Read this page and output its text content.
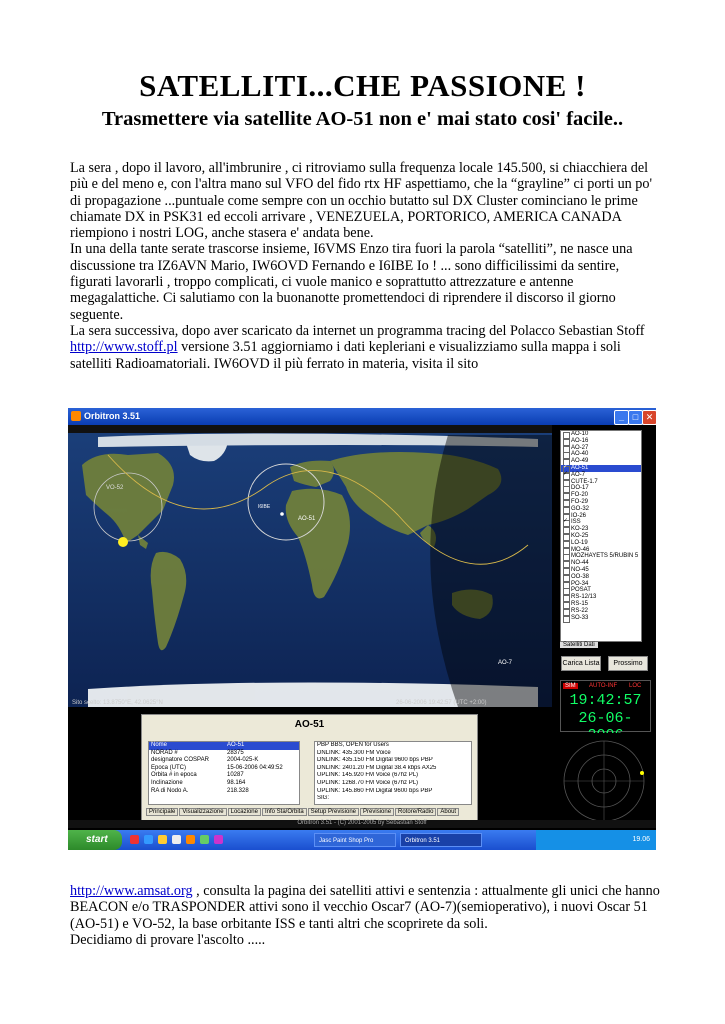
SATELLITI...CHE PASSIONE !
Trasmettere via satellite AO-51 non e' mai stato cosi' facile..
La sera , dopo il lavoro, all'imbrunire , ci ritroviamo sulla frequenza locale 145.500, si chiacchiera del più e del meno e, con l'altra mano sul VFO del fido rtx HF aspettiamo, che la “grayline” ci porti un po' di propagazione ...puntuale come sempre con un occhio butatto sul DX Cluster cominciano le prime chiamate DX in PSK31 ed eccoli arrivare , VENEZUELA, PORTORICO, AMERICA CANADA riempiono i nostri LOG, anche stasera e' andata bene.
In una della tante serate trascorse insieme, I6VMS Enzo tira fuori la parola “satelliti”, ne nasce una discussione tra IZ6AVN Mario, IW6OVD Fernando e I6IBE Io ! ... sono difficilissimi da sentire, figurati lavorarli , troppo complicati, ci vuole manico e soprattutto attrezzature e antenne megagalattiche. Ci salutiamo con la buonanotte promettendoci di riprendere il discorso il giorno seguente.
La sera successiva, dopo aver scaricato da internet un programma tracing del Polacco Sebastian Stoff http://www.stoff.pl versione 3.51 aggiorniamo i dati kepleriani e visualizziamo sulla mappa i soli satelliti Radioamatoriali. IW6OVD il più ferrato in materia, visita il sito
Orbitron 3.51	_ □ ✕
VO-52
AO-51
I6IBE
AO-7
Sito scelto: 13.8750°E, 42.0625°N	26-06-2006 19:42:57 (UTC +2:00)
AO-10
AO-16
AO-27
AO-40
AO-49
AO-51 ✓
AO-7 ✓
CUTE-1.7
DO-17
FO-20
FO-29
GO-32
IO-26
ISS ✓
KO-23
KO-25
LO-19
MO-46
MOZHAYETS 5/RUBIN 5
NO-44
NO-45
OO-38
PO-34
POSAT
RS-12/13
RS-15
RS-22
SO-33
Satelliti Dati
Carica Lista	Prossimo
SIM	AUTO-INF	LOC
19:42:57
26-06-
AO-51
Nome	AO-51
NORAD #	28375
designatore COSPAR	2004-025-K
Epoca (UTC)	15-06-2006 04:49:52
Orbita # in epoca	10287
Inclinazione	98.164
RA di Nodo A.	218.328
PBP BBS, OPEN for Users
DNLINK: 435.300 FM Voice
DNLINK: 435.150 FM Digital 9600 bps PBP
DNLINK: 2401.20 FM Digital 38.4 kbps AX25
UPLINK: 145.920 FM Voice (67hz PL)
UPLINK: 1268.70 FM Voice (67hz PL)
UPLINK: 145.860 FM Digital 9600 bps PBP
SIG:
Principale Visualizzazione Locazione Info Sta/Orbita Setup Previsione Previsione Rotore/Radio About
Orbitron 3.51 - (C) 2001-2005 by Sebastian Stoff
start	Jasc Paint Shop Pro	Orbitron 3.51	19.06
http://www.amsat.org , consulta la pagina dei satelliti attivi e sentenzia : attualmente gli unici che hanno BEACON e/o TRASPONDER attivi sono il vecchio Oscar7 (AO-7)(semioperativo), i nuovi Oscar 51 (AO-51) e VO-52, la base orbitante ISS e tanti altri che scoprirete da soli.
Decidiamo di provare l'ascolto .....
